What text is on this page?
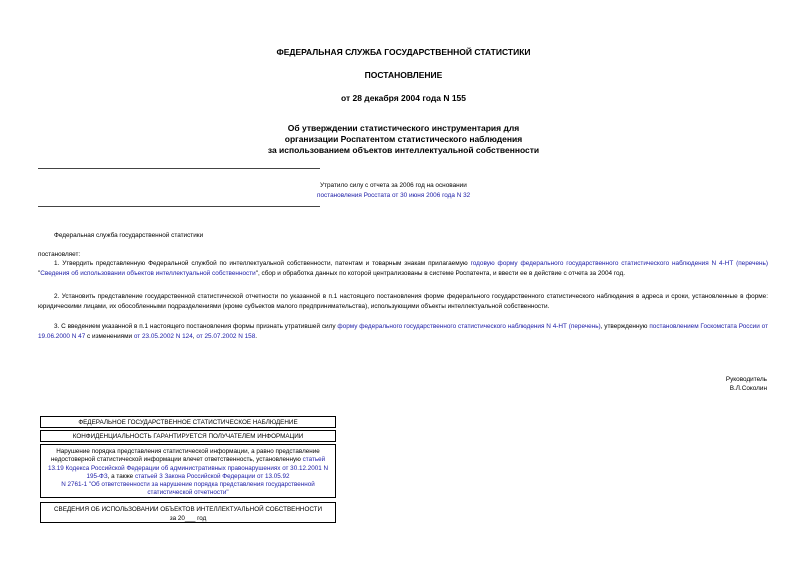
ФЕДЕРАЛЬНАЯ СЛУЖБА ГОСУДАРСТВЕННОЙ СТАТИСТИКИ
ПОСТАНОВЛЕНИЕ
от 28 декабря 2004 года N 155
Об утверждении статистического инструментария для
организации Роспатентом статистического наблюдения
за использованием объектов интеллектуальной собственности
Утратило силу с отчета за 2006 год на основании
постановления Росстата от 30 июня 2006 года N 32
Федеральная служба государственной статистики
постановляет:
1. Утвердить представленную Федеральной службой по интеллектуальной собственности, патентам и товарным знакам прилагаемую годовую форму федерального государственного статистического наблюдения N 4-НТ (перечень) "Сведения об использовании объектов интеллектуальной собственности", сбор и обработка данных по которой централизованы в системе Роспатента, и ввести ее в действие с отчета за 2004 год.
2. Установить представление государственной статистической отчетности по указанной в п.1 настоящего постановления форме федерального государственного статистического наблюдения в адреса и сроки, установленные в форме: юридическими лицами, их обособленными подразделениями (кроме субъектов малого предпринимательства), использующими объекты интеллектуальной собственности.
3. С введением указанной в п.1 настоящего постановления формы признать утратившей силу форму федерального государственного статистического наблюдения N 4-НТ (перечень), утвержденную постановлением Госкомстата России от 19.06.2000 N 47 с изменениями от 23.05.2002 N 124, от 25.07.2002 N 158.
Руководитель
В.Л.Соколин
ФЕДЕРАЛЬНОЕ ГОСУДАРСТВЕННОЕ СТАТИСТИЧЕСКОЕ НАБЛЮДЕНИЕ
КОНФИДЕНЦИАЛЬНОСТЬ ГАРАНТИРУЕТСЯ ПОЛУЧАТЕЛЕМ ИНФОРМАЦИИ
Нарушение порядка представления статистической информации, а равно представление
недостоверной статистической информации влечет ответственность, установленную статьей
13.19 Кодекса Российской Федерации об административных правонарушениях от 30.12.2001 N
195-ФЗ, а также статьей 3 Закона Российской Федерации от 13.05.92
N 2761-1 "Об ответственности за нарушение порядка представления государственной
статистической отчетности"
СВЕДЕНИЯ ОБ ИСПОЛЬЗОВАНИИ ОБЪЕКТОВ ИНТЕЛЛЕКТУАЛЬНОЙ СОБСТВЕННОСТИ
за 20___ год
